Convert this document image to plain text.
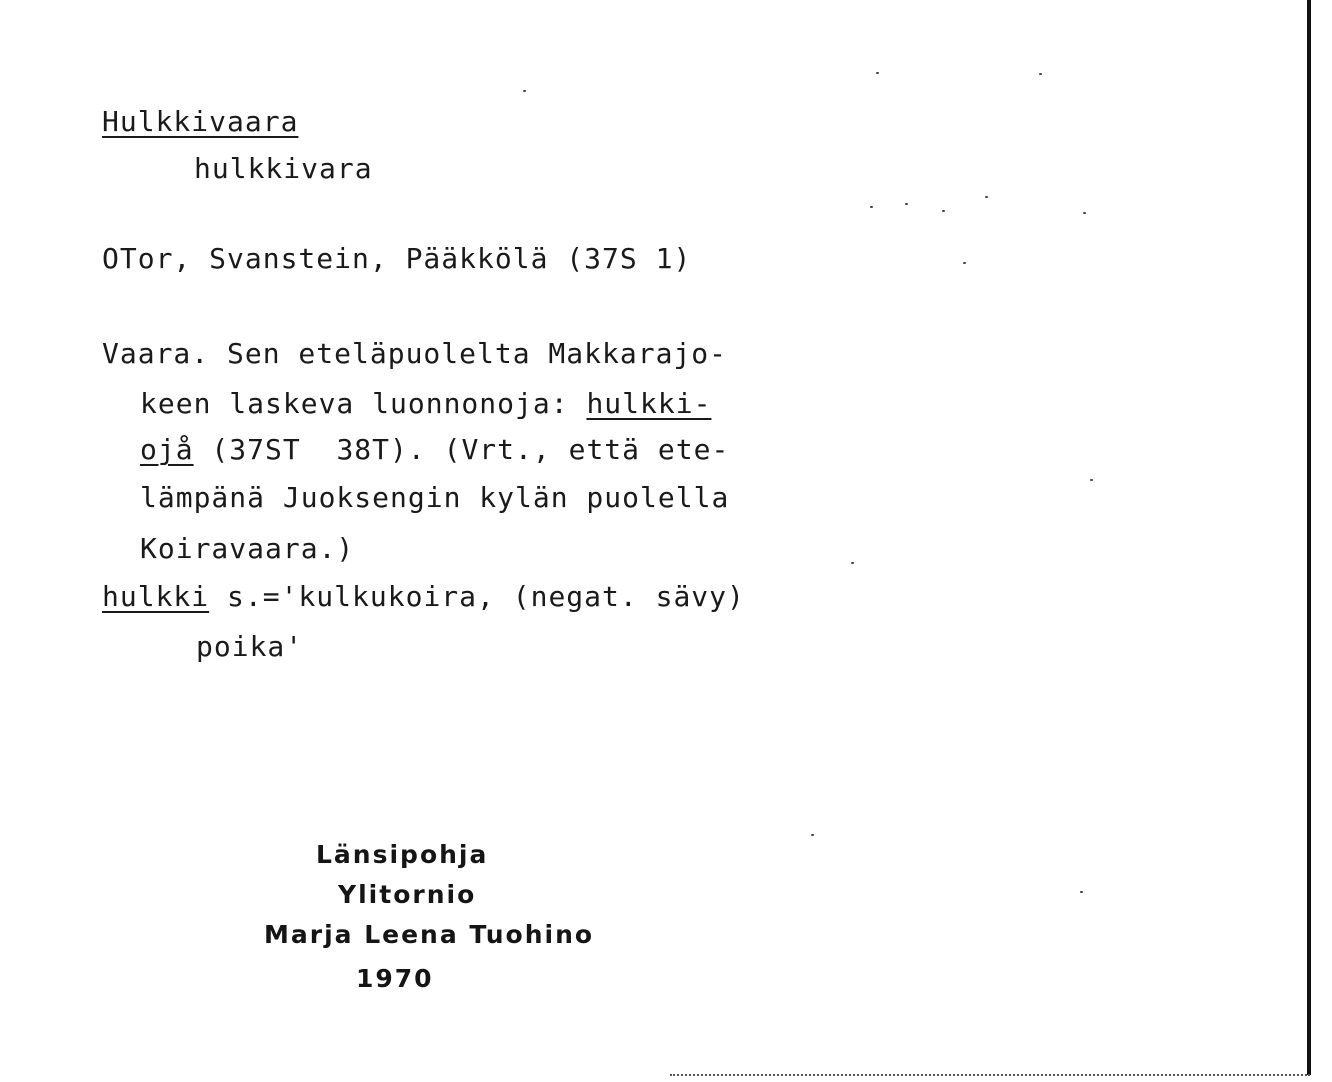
Hulkkivaara
hulkkivara
OTor, Svanstein, Pääkkölä (37S 1)
Vaara. Sen eteläpuolelta Makkarajo-
keen laskeva luonnonoja: hulkki-
ojå (37ST  38T). (Vrt., että ete-
lämpänä Juoksengin kylän puolella
Koiravaara.)
hulkki s.='kulkukoira, (negat. sävy)
poika'
Länsipohja
Ylitornio
Marja Leena Tuohino
1970
